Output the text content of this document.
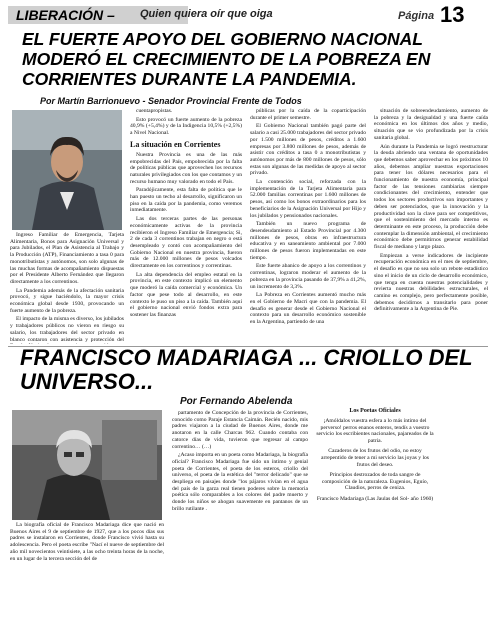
LIBERACIÓN –	Quien quiera oír que oiga	Página 13
EL FUERTE APOYO DEL GOBIERNO NACIONAL
MODERÓ EL CRECIMIENTO DE LA POBREZA EN
CORRIENTES DURANTE LA PANDEMIA.
Por Martín Barrionuevo - Senador Provincial Frente de Todos

Ingreso Familiar de Emergencia, Tarjeta Alimentaria, Bonos para Asignación Universal y para Jubilados, el Plan de Asistencia al Trabajo y la Producción (ATP), Financiamiento a tasa 0 para monotributistas y autónomos, son solo algunas de las muchas formas de acompañamiento dispuestas por el Presidente Alberto Fernández que llegaron directamente a los correntinos.

La Pandemia además de la afectación sanitaria provocó, y sigue haciéndolo, la mayor crisis económica global desde 1930, provocando un fuerte aumento de la pobreza.

El impacto de la misma es diverso, los jubilados y trabajadores públicos no vieron en riesgo su salario, los trabajadores del sector privado en blanco contaron con asistencia y protección del

cuentapropistas.

Esto provocó un fuerte aumento de la pobreza 40,9% (+5,4%) y de la Indigencia 10,5% (+2,5%) a Nivel Nacional.

La situación en Corrientes

Nuestra Provincia es una de las más empobrecidas del País, empobrecida por la falta de políticas públicas que aprovechen los recursos naturales privilegiados con los que contamos y un recurso humano muy valorado en todo el País.

Paradójicamente, esta falta de política que le han puesto un techo al desarrollo, significaron un piso en la caída por la pandemia, como veremos inmediatamente.

Las dos terceras partes de las personas económicamente activas de la provincia recibieron el Ingreso Familiar de Emergencia; Si, 2 de cada 3 correntinos trabajan en negro o está desempleado y contó con acompañamiento del Gobierno Nacional en nuestra provincia, fueron más de 12.000 millones de pesos volcados directamente en los correntinos y correntinas.

La alta dependencia del empleo estatal en la provincia, en este contexto implicó un elemento que moderó la caída comercial y económica. Un factor que pese todo al desarrollo, en este contexto le puso un piso a la caída. También aquí el gobierno nacional envió fondos extra para sostener las finanzas

públicas por la caída de la coparticipación durante el primer semestre.

El Gobierno Nacional también pagó parte del salario a casi 25.000 trabajadores del sector privado por 1.500 millones de pesos, créditos a 1.600 empresas por 3.800 millones de pesos, además de asistir con créditos a tasa 0 a monotributistas y autónomos por más de 800 millones de pesos, sólo estas son algunas de las medidas de apoyo al sector privado.

La contención social, reforzada con la implementación de la Tarjeta Alimentaria para 52.000 familias correntinas por 1.600 millones de pesos, así como los bonos extraordinarios para los beneficiarios de la Asignación Universal por Hijo y los jubilados y pensionados nacionales.

También un nuevo programa de desendeudamiento al Estado Provincial por 4.300 millones de pesos, obras en infraestructura educativa y en saneamiento ambiental por 7.000 millones de pesos fueron implementadas en este tiempo.

Este fuerte abanico de apoyo a los correntinos y correntinas, lograron moderar el aumento de la pobreza en la provincia pasando de 37,9% a 41,2%, un incremento de 3,3%.

La Pobreza en Corrientes aumentó mucho más en el Gobierno de Macri que con la pandemia. El desafío es generar desde el Gobierno Nacional el contexto para un desarrollo económico sostenible en la Argentina, partiendo de una

situación de sobreendeudamiento, aumento de la pobreza y la desigualdad y una fuerte caída económica en los últimos dos años y medio, situación que se vio profundizada por la crisis sanitaria global.

Aún durante la Pandemia se logró reestructurar la deuda abriendo una ventana de oportunidades que debemos saber aprovechar en los próximos 10 años, debemos ampliar nuestras exportaciones para tener los dólares necesarios para el funcionamiento de nuestra economía, principal factor de las tensiones cambiarias siempre condicionantes del crecimiento, entender que todos los sectores productivos son importantes y deben ser potenciados, que la innovación y la productividad son la clave para ser competitivos, que el sostenimiento del mercado interno es determinante en este proceso, la producción debe contemplar la dimensión ambiental, el crecimiento económico debe permitirnos generar estabilidad fiscal de mediano y largo plazo.

Empiezan a verse indicadores de incipiente recuperación económica en el mes de septiembre, el desafío es que no sea solo un rebote estadístico sino el inicio de un ciclo de desarrollo económico, que tenga en cuenta nuestras potencialidades y revierta nuestras debilidades estructurales, el camino es complejo, pero perfectamente posible, debemos decidirnos a transitarlo para poner definitivamente a la Argentina de Pie.

FRANCISCO MADARIAGA ... CRIOLLO DEL
UNIVERSO...
Por Fernando Abelenda

La biografía oficial de Francisco Madariaga dice que nació en Buenos Aires el 9 de septiembre de 1927, que a los pocos días sus padres se instalaron en Corrientes, donde Francisco vivió hasta su adolescencia. Pero el poeta escribe "Nací el nueve de septiembre del año mil novecientos veintisiete, a las ocho treinta horas de la noche, en un lugar de la tercera sección del de

partamento de Concepción de la provincia de Corrientes, conocido como Paraje Estancia Caimán. Recién nacido, mis padres viajaron a la ciudad de Buenos Aires, donde me anotaron en la calle Charcas 962. Cuando contaba con catorce días de vida, tuvieron que regresar al campo correntino… (…)

¿Acaso importa en un poeta como Madariaga, la biografía oficial? Francisco Madariaga fue sido un íntimo y genial poeta de Corrientes, el poeta de los esteros, criollo del universo, el poeta de la estética del "terror delicado" que se despliega en paisajes donde "los pájaros vivían en el agua del país de la garza real tienen poderes sobre la memoria poética sólo comparables a los colores del padre muerto y donde los niños se ahogan suavemente en pantanos de un brillo rutilante .

Los Poetas Oficiales

¡Amóldalos vuestra esfera a lo más íntimo del perverso! perros enanos enteros, tendís a vuestro servicio los escribientes nacionales, pajareados de la patria.

Cazaderos de los frutos del odio, no estoy arrepentido de tener a mi servicio las joyas y los frutos del deseo.

Principios destrozados de toda sangre de composición de la naturaleza. Eugenios, Eguío, Claudios, perros de ceniza.

Francisco Madariaga (Las Jaulas del Sol- año 1960)
